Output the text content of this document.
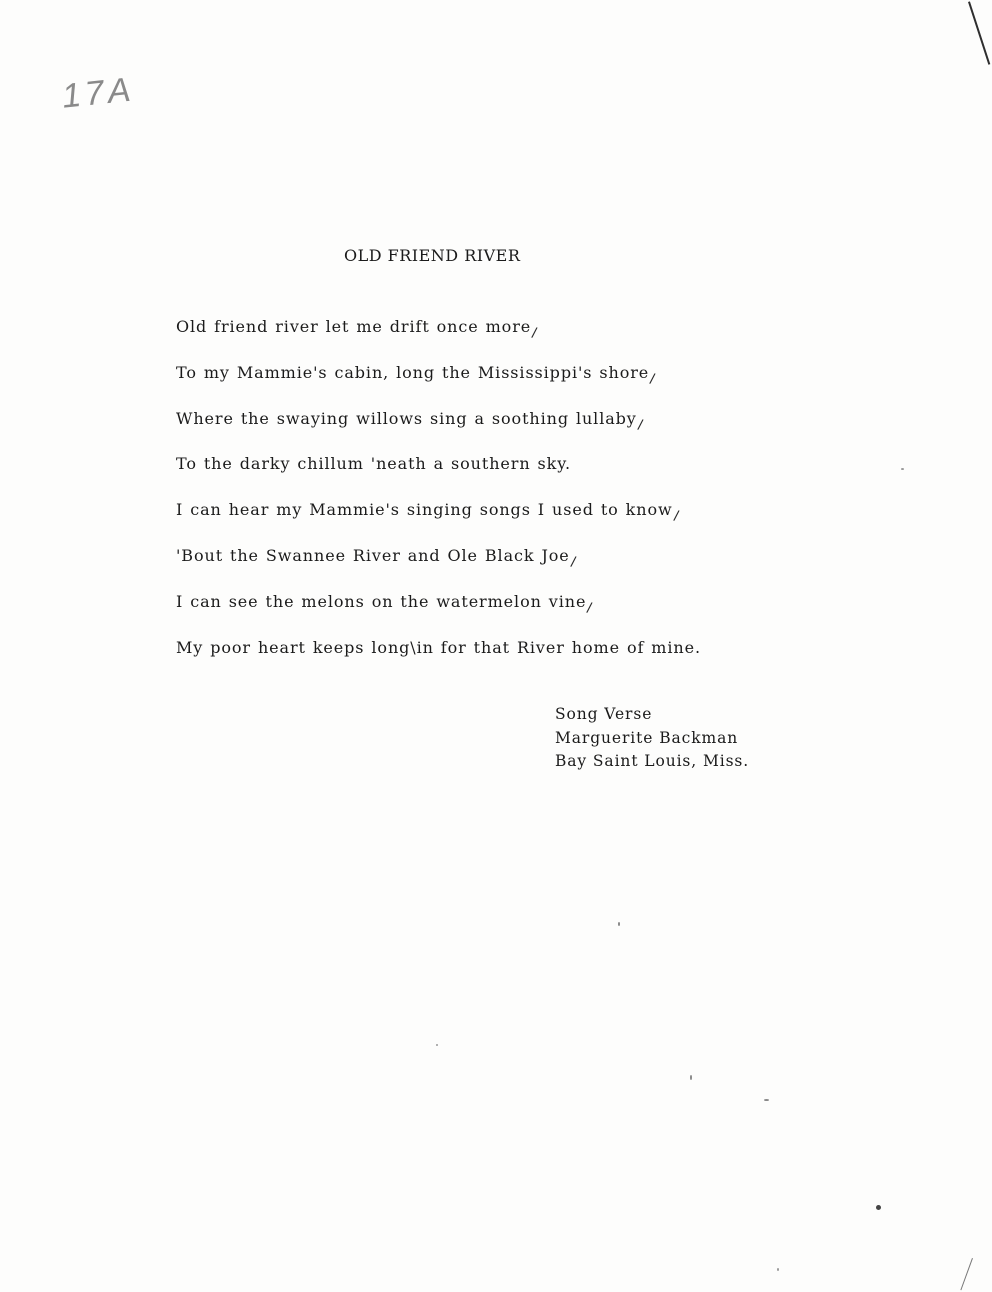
17A
OLD FRIEND RIVER
Old friend river let me drift once more/
To my Mammie's cabin, long the Mississippi's shore/
Where the swaying willows sing a soothing lullaby/
To the darky chillum 'neath a southern sky.
I can hear my Mammie's singing songs I used to know/
'Bout the Swannee River and Ole Black Joe/
I can see the melons on the watermelon vine/
My poor heart keeps long\in for that River home of mine.
Song Verse
Marguerite Backman
Bay Saint Louis, Miss.
